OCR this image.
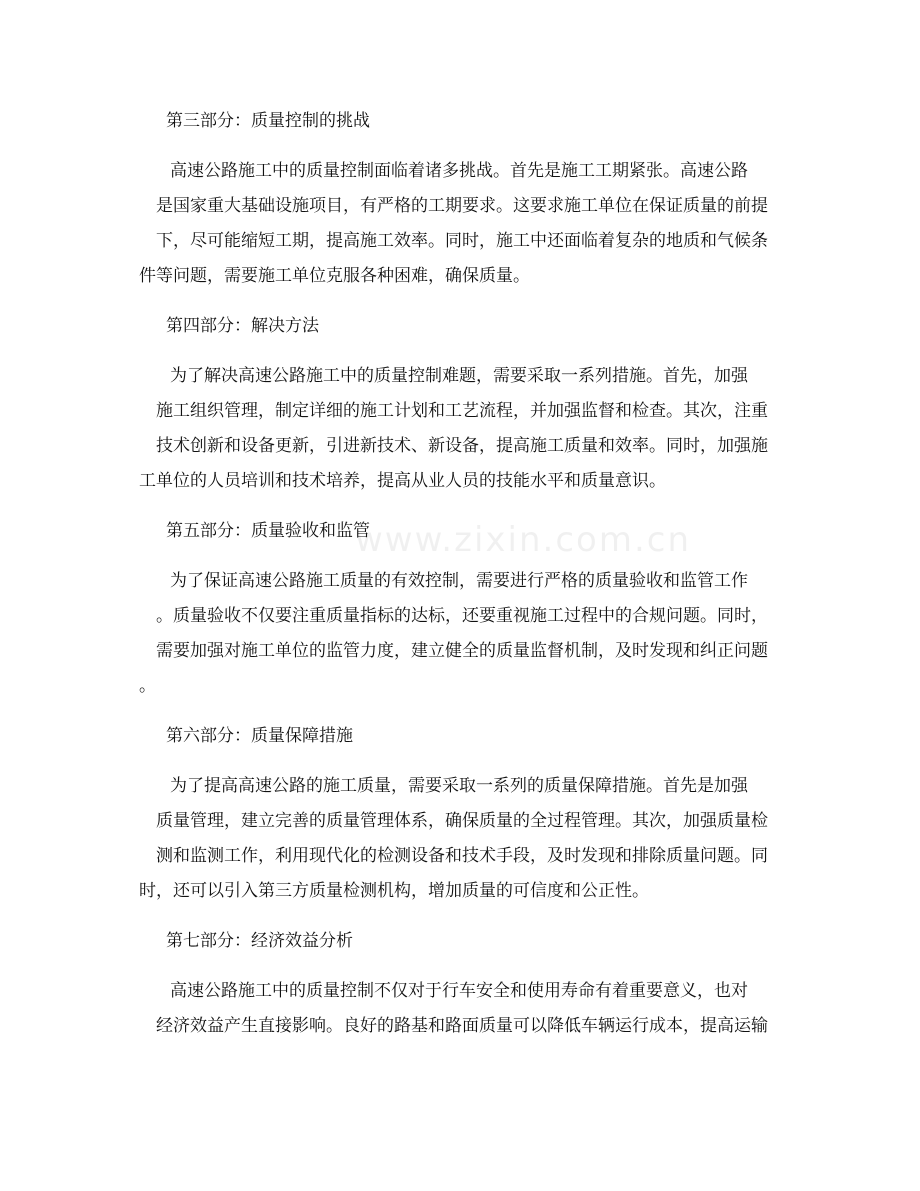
www.zixin.com.cn
第三部分：质量控制的挑战
高速公路施工中的质量控制面临着诸多挑战。首先是施工工期紧张。高速公路
是国家重大基础设施项目，有严格的工期要求。这要求施工单位在保证质量的前提
下，尽可能缩短工期，提高施工效率。同时，施工中还面临着复杂的地质和气候条
件等问题，需要施工单位克服各种困难，确保质量。
第四部分：解决方法
为了解决高速公路施工中的质量控制难题，需要采取一系列措施。首先，加强
施工组织管理，制定详细的施工计划和工艺流程，并加强监督和检查。其次，注重
技术创新和设备更新，引进新技术、新设备，提高施工质量和效率。同时，加强施
工单位的人员培训和技术培养，提高从业人员的技能水平和质量意识。
第五部分：质量验收和监管
为了保证高速公路施工质量的有效控制，需要进行严格的质量验收和监管工作
。质量验收不仅要注重质量指标的达标，还要重视施工过程中的合规问题。同时，
需要加强对施工单位的监管力度，建立健全的质量监督机制，及时发现和纠正问题
。
第六部分：质量保障措施
为了提高高速公路的施工质量，需要采取一系列的质量保障措施。首先是加强
质量管理，建立完善的质量管理体系，确保质量的全过程管理。其次，加强质量检
测和监测工作，利用现代化的检测设备和技术手段，及时发现和排除质量问题。同
时，还可以引入第三方质量检测机构，增加质量的可信度和公正性。
第七部分：经济效益分析
高速公路施工中的质量控制不仅对于行车安全和使用寿命有着重要意义，也对
经济效益产生直接影响。良好的路基和路面质量可以降低车辆运行成本，提高运输
